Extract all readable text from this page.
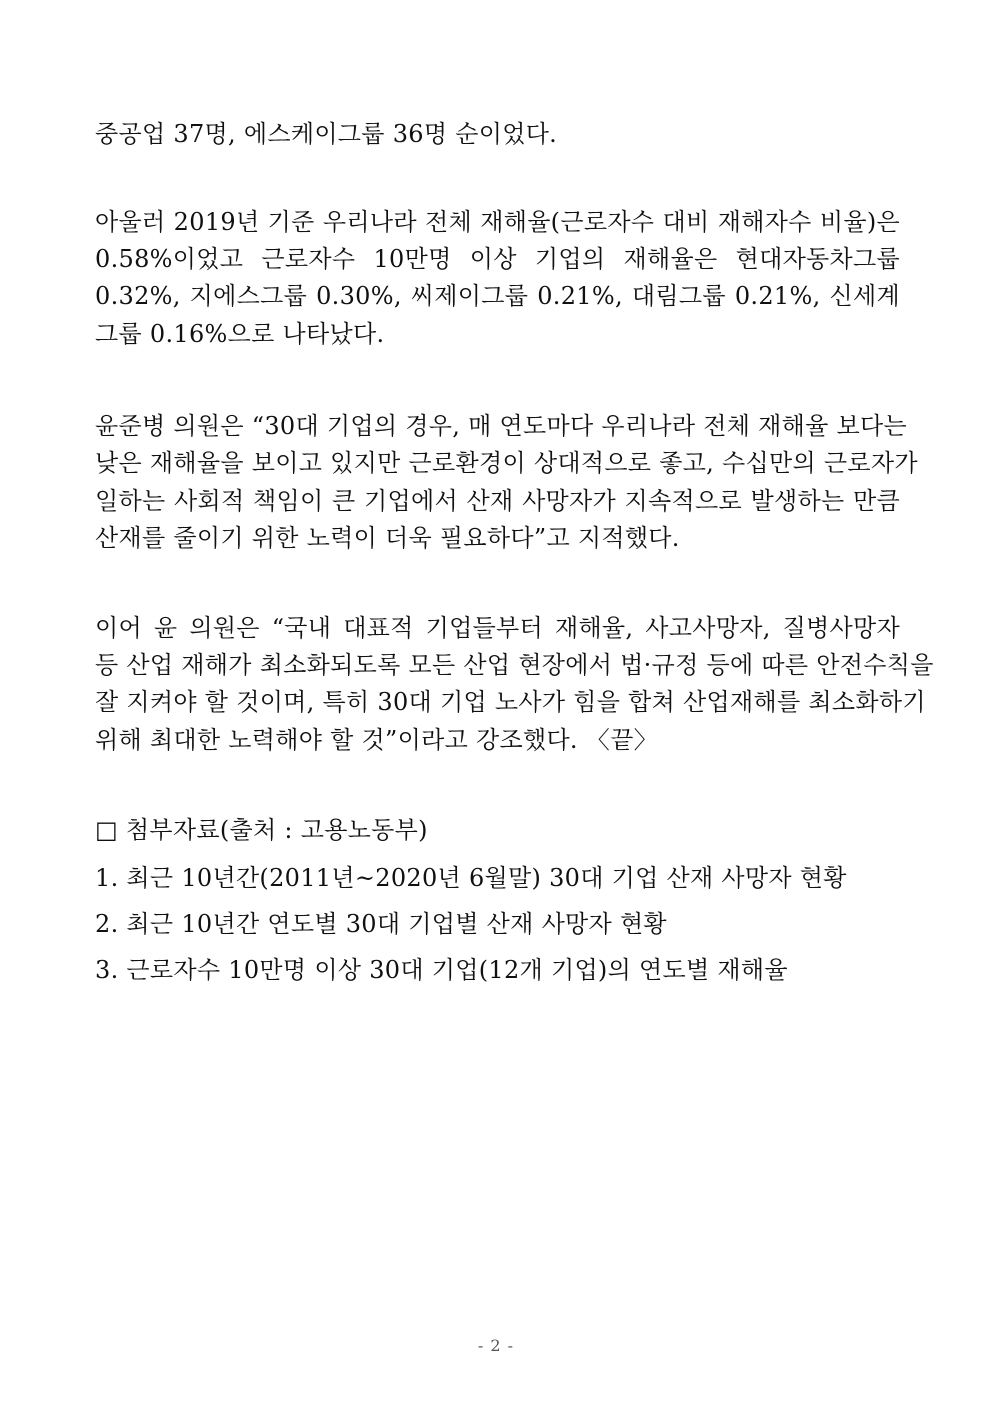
중공업 37명, 에스케이그룹 36명 순이었다.
아울러 2019년 기준 우리나라 전체 재해율(근로자수 대비 재해자수 비율)은
0.58%이었고 근로자수 10만명 이상 기업의 재해율은 현대자동차그룹
0.32%, 지에스그룹 0.30%, 씨제이그룹 0.21%, 대림그룹 0.21%, 신세계
그룹 0.16%으로 나타났다.
윤준병 의원은 “30대 기업의 경우, 매 연도마다 우리나라 전체 재해율 보다는
낮은 재해율을 보이고 있지만 근로환경이 상대적으로 좋고, 수십만의 근로자가
일하는 사회적 책임이 큰 기업에서 산재 사망자가 지속적으로 발생하는 만큼
산재를 줄이기 위한 노력이 더욱 필요하다”고 지적했다.
이어 윤 의원은 “국내 대표적 기업들부터 재해율, 사고사망자, 질병사망자
등 산업 재해가 최소화되도록 모든 산업 현장에서 법·규정 등에 따른 안전수칙을
잘 지켜야 할 것이며, 특히 30대 기업 노사가 힘을 합쳐 산업재해를 최소화하기
위해 최대한 노력해야 할 것”이라고 강조했다. 〈끝〉
□ 첨부자료(출처 : 고용노동부)
1. 최근 10년간(2011년~2020년 6월말) 30대 기업 산재 사망자 현황
2. 최근 10년간 연도별 30대 기업별 산재 사망자 현황
3. 근로자수 10만명 이상 30대 기업(12개 기업)의 연도별 재해율
- 2 -
